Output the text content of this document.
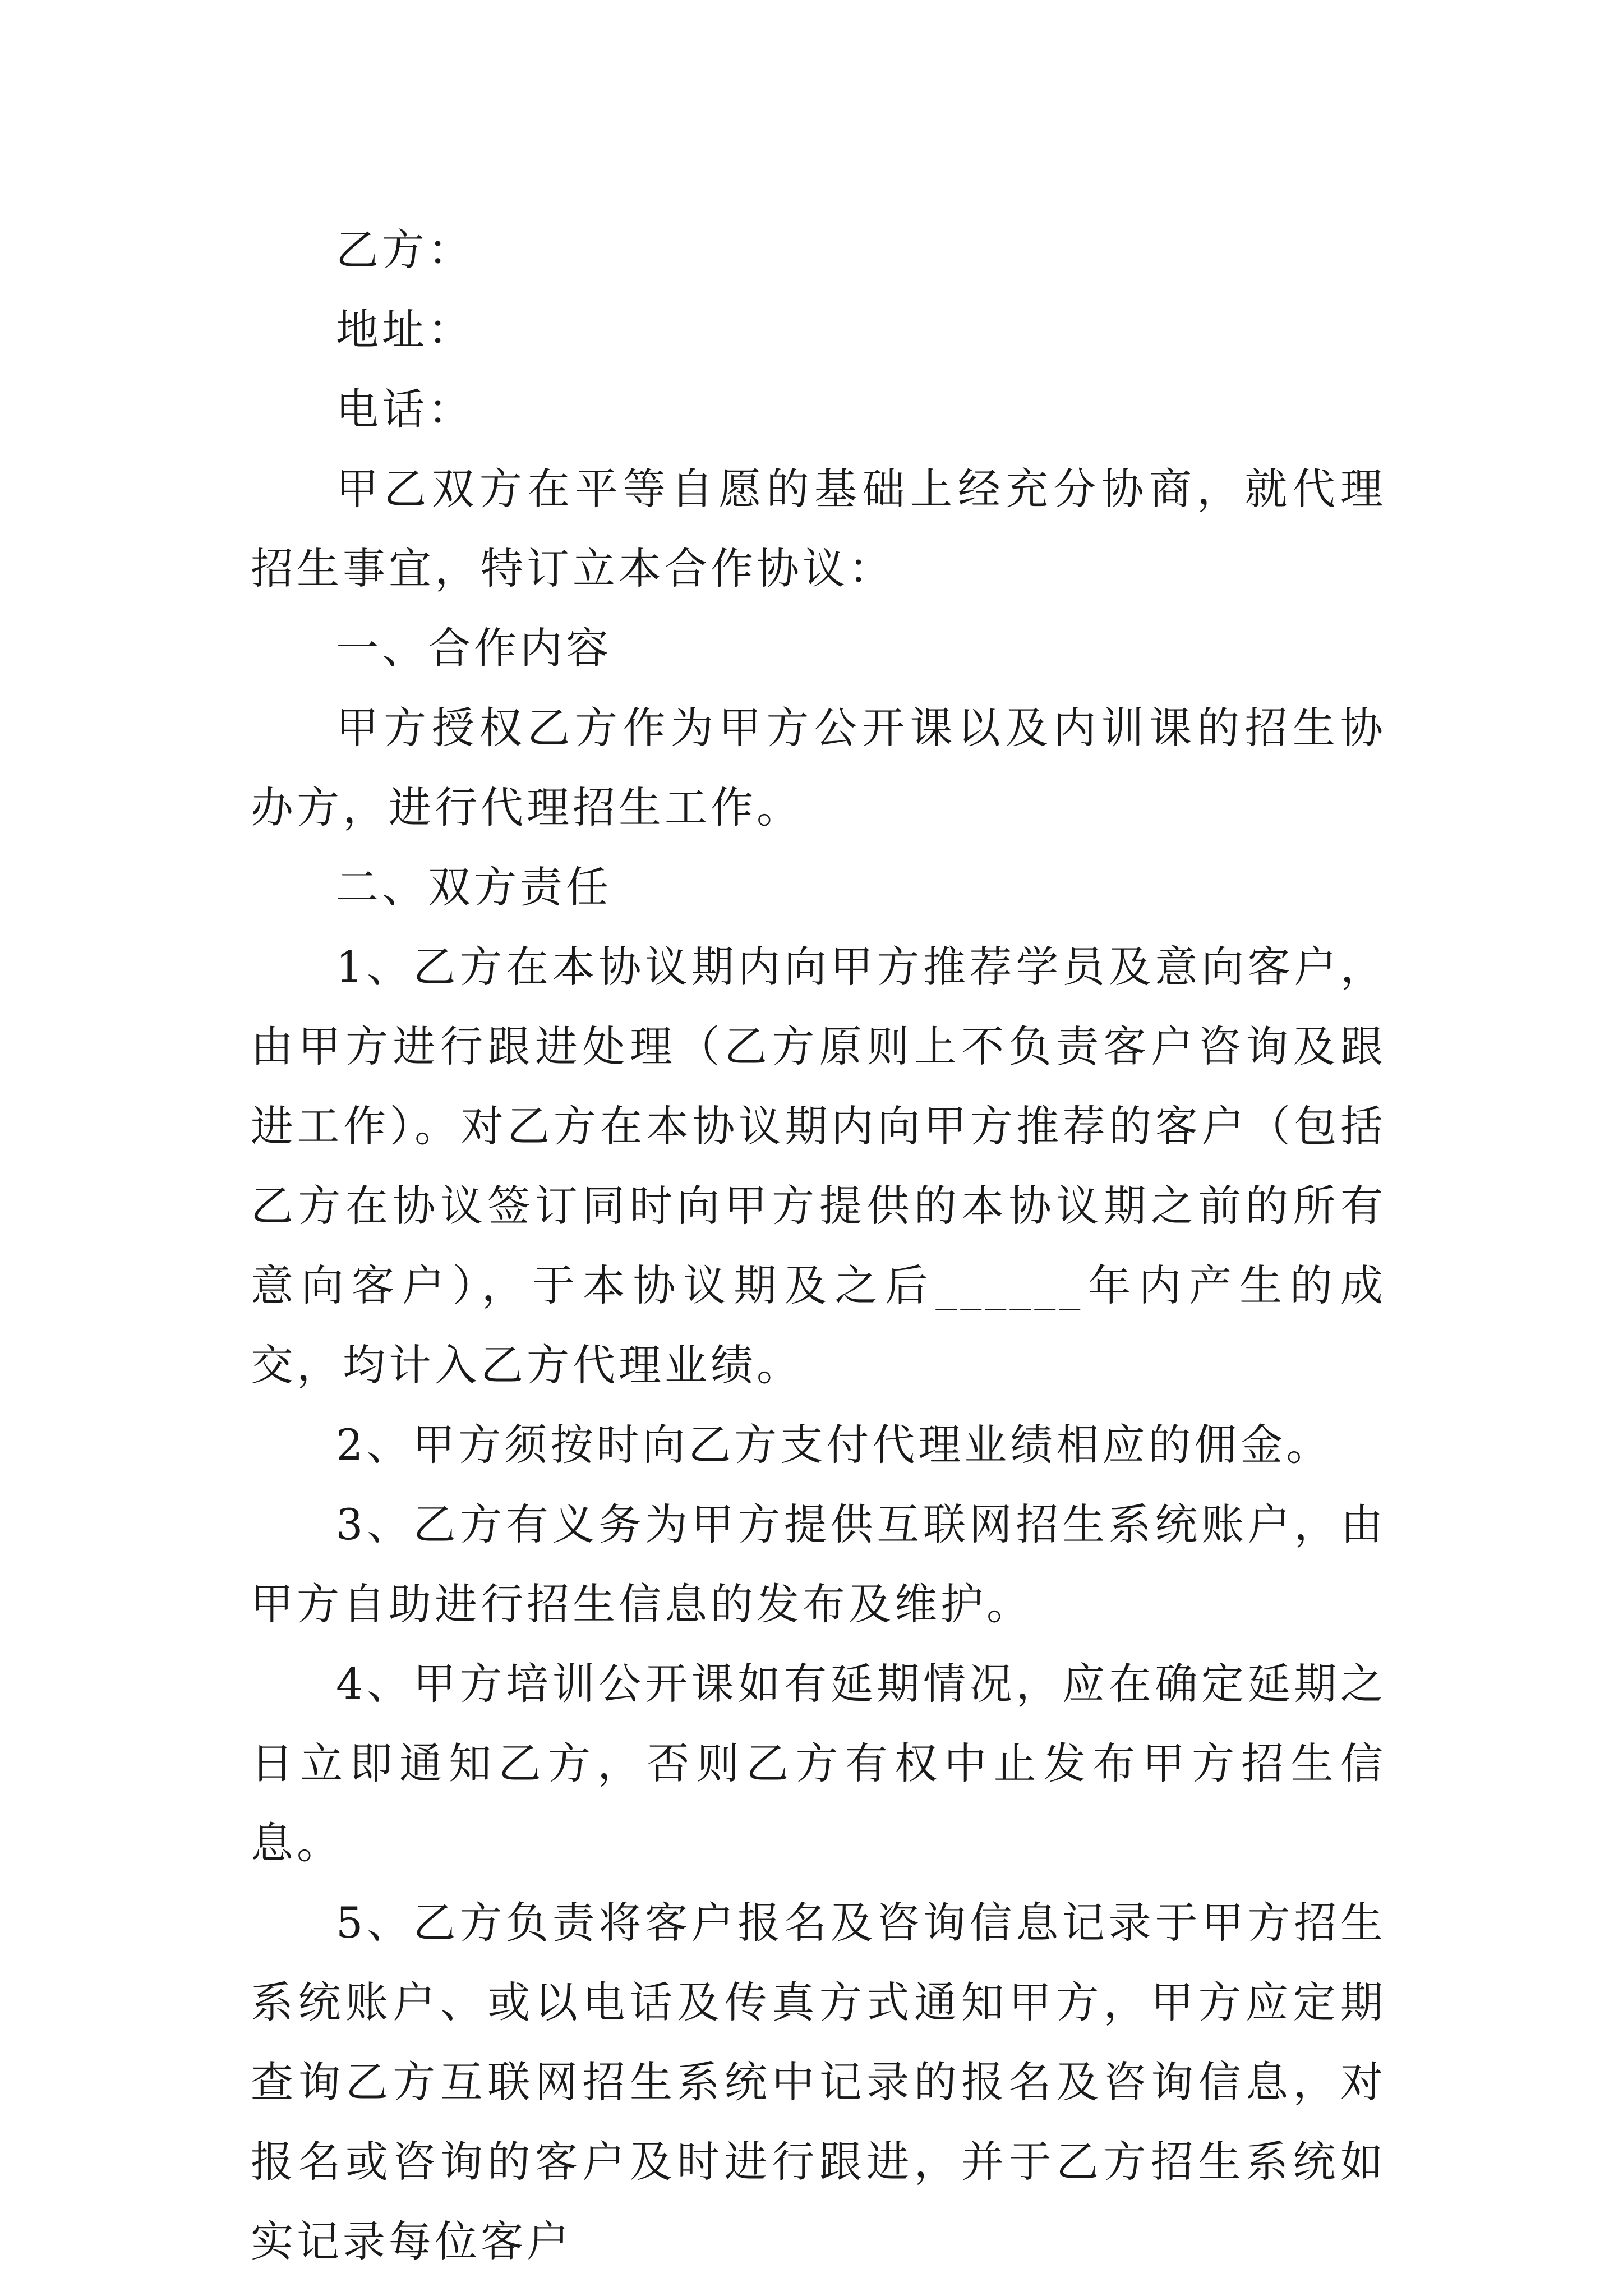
乙方：

地址：

电话：

甲乙双方在平等自愿的基础上经充分协商，就代理招生事宜，特订立本合作协议：

一、合作内容

甲方授权乙方作为甲方公开课以及内训课的招生协办方，进行代理招生工作。

二、双方责任

1、乙方在本协议期内向甲方推荐学员及意向客户，由甲方进行跟进处理（乙方原则上不负责客户咨询及跟进工作）。对乙方在本协议期内向甲方推荐的客户（包括乙方在协议签订同时向甲方提供的本协议期之前的所有意向客户），于本协议期及之后______年内产生的成交，均计入乙方代理业绩。

2、甲方须按时向乙方支付代理业绩相应的佣金。

3、乙方有义务为甲方提供互联网招生系统账户，由甲方自助进行招生信息的发布及维护。

4、甲方培训公开课如有延期情况，应在确定延期之日立即通知乙方，否则乙方有权中止发布甲方招生信息。

5、乙方负责将客户报名及咨询信息记录于甲方招生系统账户、或以电话及传真方式通知甲方，甲方应定期查询乙方互联网招生系统中记录的报名及咨询信息，对报名或咨询的客户及时进行跟进，并于乙方招生系统如实记录每位客户
